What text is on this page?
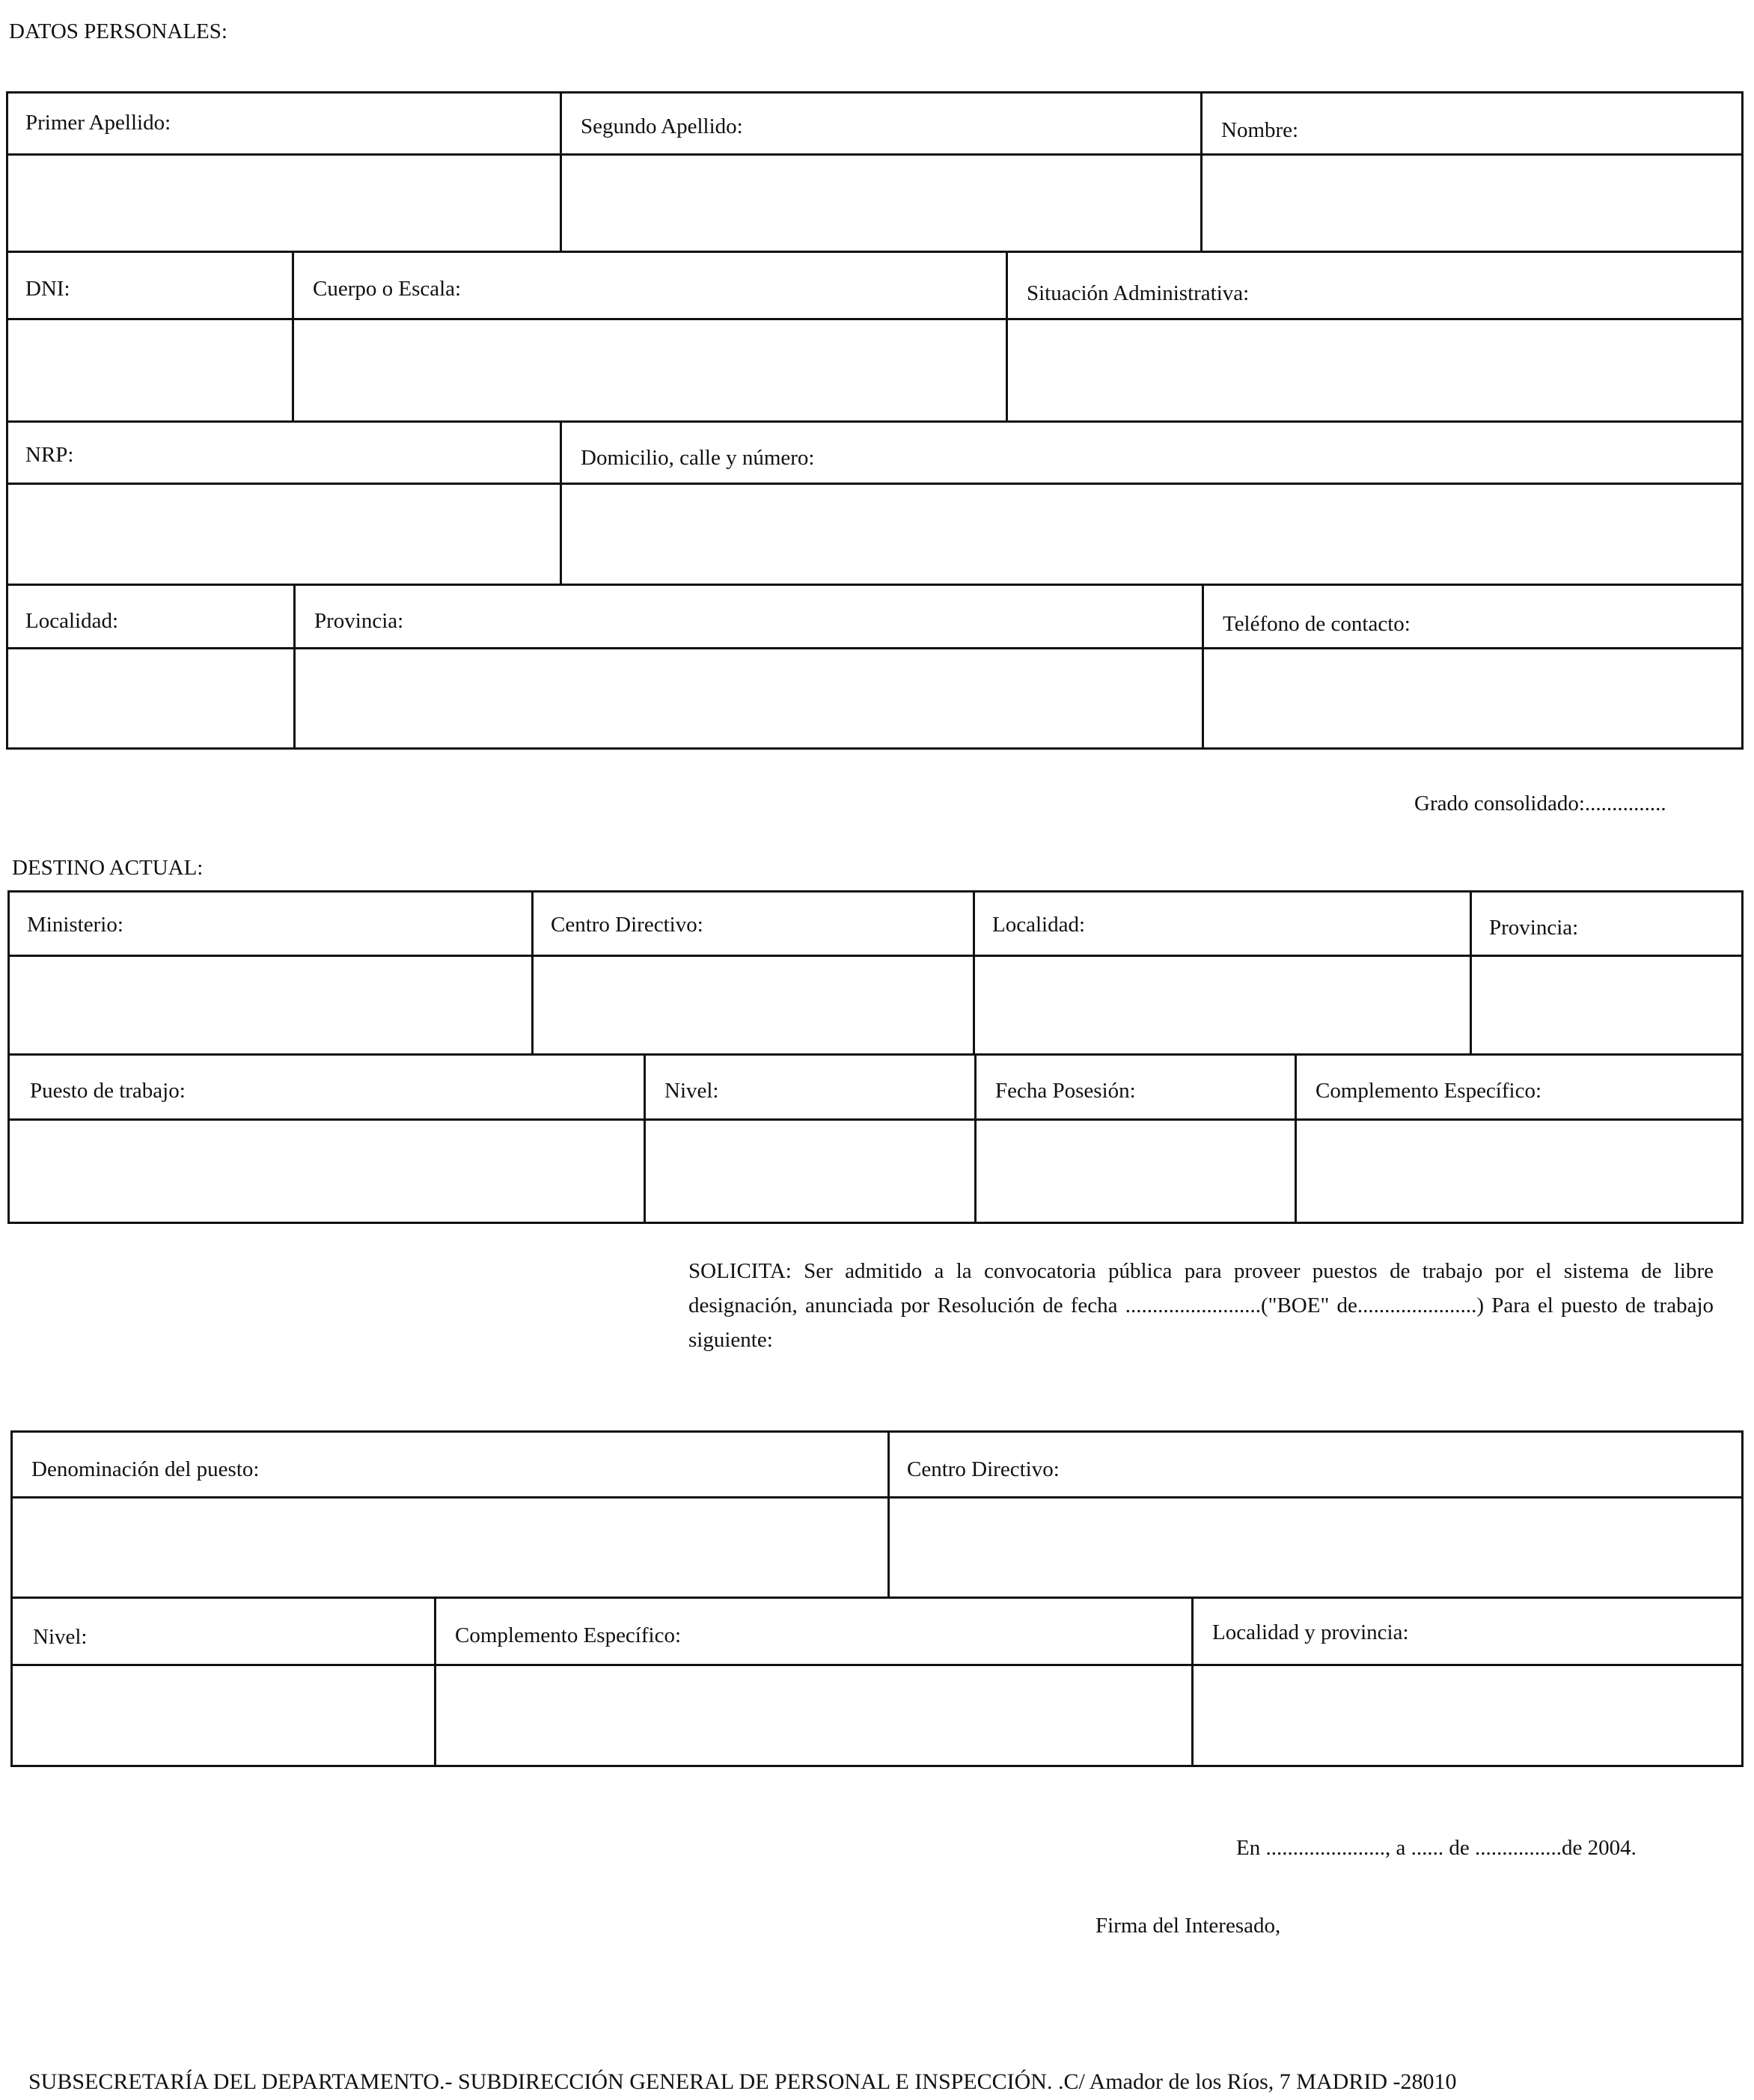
DATOS PERSONALES:
Primer Apellido:	Segundo Apellido:	Nombre:
DNI:	Cuerpo o Escala:	Situación Administrativa:
NRP:	Domicilio, calle y número:
Localidad:	Provincia:	Teléfono de contacto:
Grado consolidado:...............
DESTINO ACTUAL:
Ministerio:	Centro Directivo:	Localidad:	Provincia:
Puesto de trabajo:	Nivel:	Fecha Posesión:	Complemento Específico:
SOLICITA: Ser admitido a la convocatoria pública para proveer puestos de trabajo por el sistema de libre designación, anunciada por Resolución de fecha .........................("BOE" de......................) Para el puesto de trabajo siguiente:
Denominación del puesto:	Centro Directivo:
Nivel:	Complemento Específico:	Localidad y provincia:
En ......................, a ...... de ................de 2004.
Firma del Interesado,
SUBSECRETARÍA DEL DEPARTAMENTO.- SUBDIRECCIÓN GENERAL DE PERSONAL E INSPECCIÓN. .C/ Amador de los Ríos, 7 MADRID -28010
